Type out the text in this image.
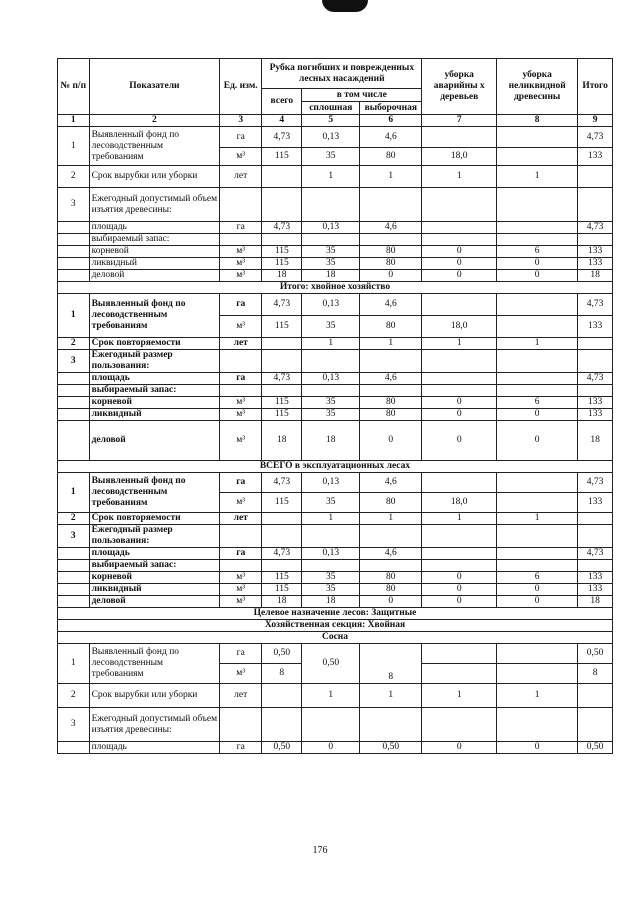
№ п/п	Показатели	Ед. изм.	Рубка погибших и поврежденных лесных насаждений			уборка аварийны х деревьев	уборка неликвидной древесины	Итого
			всего	в том числе				
				сплошная	выборочная			
1	2	3	4	5	6	7	8	9
1	Выявленный фонд по лесоводственным требованиям	га	4,73	0,13	4,6			4,73
		м³	115	35	80	18,0		133
2	Срок вырубки или уборки	лет		1	1	1	1	
3	Ежегодный допустимый объем изъятия древесины:							
	площадь	га	4,73	0,13	4,6			4,73
	выбираемый запас:							
	корневой	м³	115	35	80	0	6	133
	ликвидный	м³	115	35	80	0	0	133
	деловой	м³	18	18	0	0	0	18
Итого: хвойное хозяйство								
1	Выявленный фонд по лесоводственным требованиям	га	4,73	0,13	4,6			4,73
		м³	115	35	80	18,0		133
2	Срок повторяемости	лет		1	1	1	1	
3	Ежегодный размер пользования:							
	площадь	га	4,73	0,13	4,6			4,73
	выбираемый запас:							
	корневой	м³	115	35	80	0	6	133
	ликвидный	м³	115	35	80	0	0	133
	деловой	м³	18	18	0	0	0	18
ВСЕГО в эксплуатационных лесах								
1	Выявленный фонд по лесоводственным требованиям	га	4,73	0,13	4,6			4,73
		м³	115	35	80	18,0		133
2	Срок повторяемости	лет		1	1	1	1	
3	Ежегодный размер пользования:							
	площадь	га	4,73	0,13	4,6			4,73
	выбираемый запас:							
	корневой	м³	115	35	80	0	6	133
	ликвидный	м³	115	35	80	0	0	133
	деловой	м³	18	18	0	0	0	18
Целевое назначение лесов: Защитные								
Хозяйственная секция: Хвойная								
Сосна								
1	Выявленный фонд по лесоводственным требованиям	га	0,50	0,50	8			0,50
		м³	8					8
2	Срок вырубки или уборки	лет		1	1	1	1	
3	Ежегодный допустимый объем изъятия древесины:							
	площадь	га	0,50	0	0,50	0	0	0,50
176
